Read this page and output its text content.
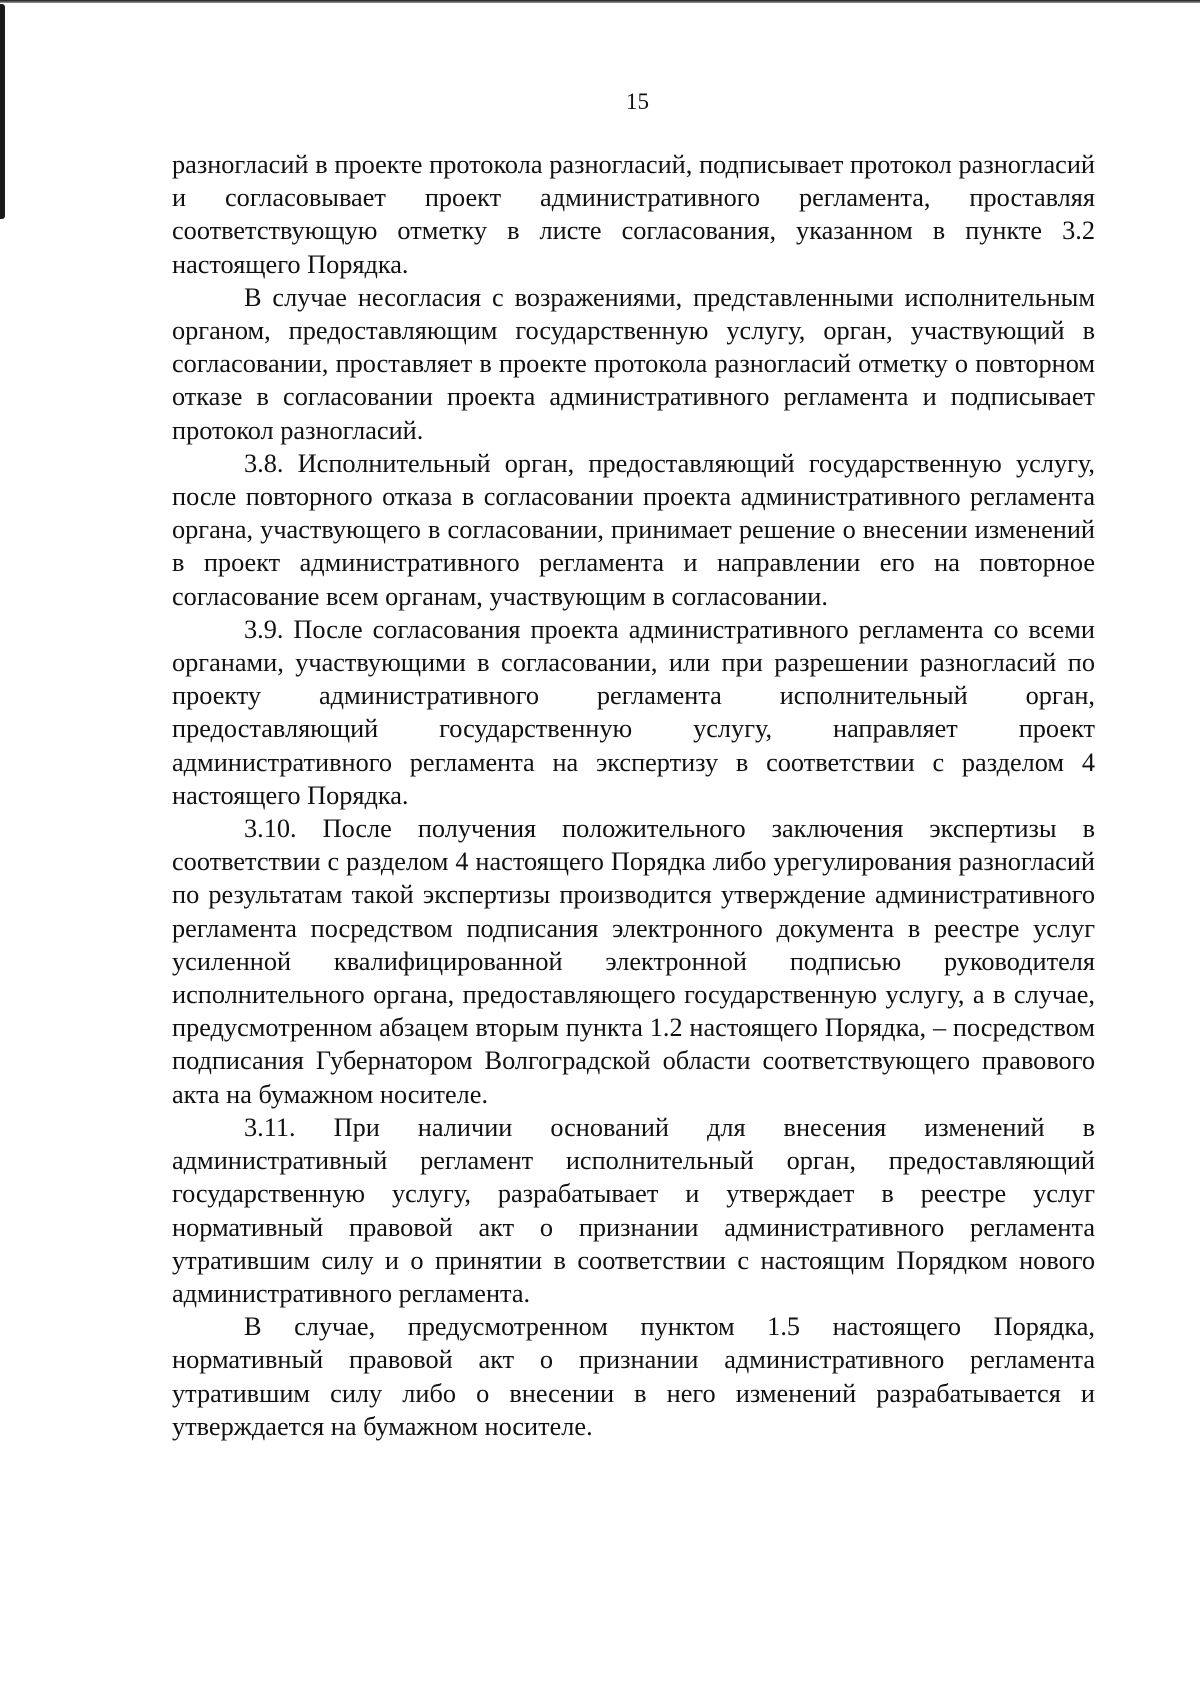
15

разногласий в проекте протокола разногласий, подписывает протокол разногласий и согласовывает проект административного регламента, проставляя соответствующую отметку в листе согласования, указанном в пункте 3.2 настоящего Порядка.

В случае несогласия с возражениями, представленными исполнительным органом, предоставляющим государственную услугу, орган, участвующий в согласовании, проставляет в проекте протокола разногласий отметку о повторном отказе в согласовании проекта административного регламента и подписывает протокол разногласий.

3.8. Исполнительный орган, предоставляющий государственную услугу, после повторного отказа в согласовании проекта административного регламента органа, участвующего в согласовании, принимает решение о внесении изменений в проект административного регламента и направлении его на повторное согласование всем органам, участвующим в согласовании.

3.9. После согласования проекта административного регламента со всеми органами, участвующими в согласовании, или при разрешении разногласий по проекту административного регламента исполнительный орган, предоставляющий государственную услугу, направляет проект административного регламента на экспертизу в соответствии с разделом 4 настоящего Порядка.

3.10. После получения положительного заключения экспертизы в соответствии с разделом 4 настоящего Порядка либо урегулирования разногласий по результатам такой экспертизы производится утверждение административного регламента посредством подписания электронного документа в реестре услуг усиленной квалифицированной электронной подписью руководителя исполнительного органа, предоставляющего государственную услугу, а в случае, предусмотренном абзацем вторым пункта 1.2 настоящего Порядка, – посредством подписания Губернатором Волгоградской области соответствующего правового акта на бумажном носителе.

3.11. При наличии оснований для внесения изменений в административный регламент исполнительный орган, предоставляющий государственную услугу, разрабатывает и утверждает в реестре услуг нормативный правовой акт о признании административного регламента утратившим силу и о принятии в соответствии с настоящим Порядком нового административного регламента.

В случае, предусмотренном пунктом 1.5 настоящего Порядка, нормативный правовой акт о признании административного регламента утратившим силу либо о внесении в него изменений разрабатывается и утверждается на бумажном носителе.
